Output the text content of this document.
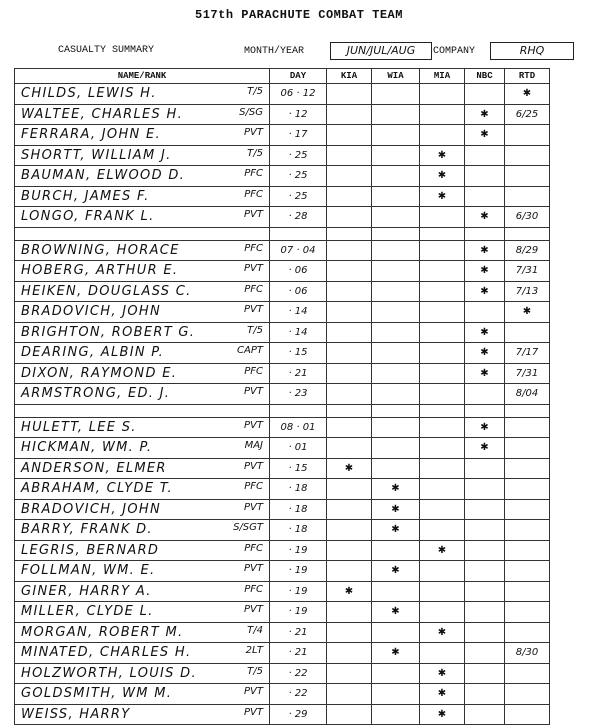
517th PARACHUTE COMBAT TEAM
CASUALTY SUMMARY	MONTH/YEAR	JUN/JUL/AUG	COMPANY	RHQ
NAME/RANK	DAY	KIA	WIA	MIA	NBC	RTD
CHILDS, LEWIS H. T/5	06 · 12					✱
WALTEE, CHARLES H. S/SG	· 12				✱	6/25
FERRARA, JOHN E. PVT	· 17				✱	
SHORTT, WILLIAM J. T/5	· 25			✱		
BAUMAN, ELWOOD D. PFC	· 25			✱		
BURCH, JAMES F. PFC	· 25			✱		
LONGO, FRANK L. PVT	· 28				✱	6/30

BROWNING, HORACE PFC	07 · 04				✱	8/29
HOBERG, ARTHUR E. PVT	· 06				✱	7/31
HEIKEN, DOUGLASS C. PFC	· 06				✱	7/13
BRADOVICH, JOHN PVT	· 14					✱
BRIGHTON, ROBERT G. T/5	· 14				✱	
DEARING, ALBIN P. CAPT	· 15				✱	7/17
DIXON, RAYMOND E. PFC	· 21				✱	7/31
ARMSTRONG, ED. J. PVT	· 23					8/04

HULETT, LEE S. PVT	08 · 01				✱	
HICKMAN, WM. P. MAJ	· 01				✱	
ANDERSON, ELMER PVT	· 15	✱				
ABRAHAM, CLYDE T. PFC	· 18		✱			
BRADOVICH, JOHN PVT	· 18		✱			
BARRY, FRANK D. S/SGT	· 18		✱			
LEGRIS, BERNARD PFC	· 19			✱		
FOLLMAN, WM. E. PVT	· 19		✱			
GINER, HARRY A. PFC	· 19	✱				
MILLER, CLYDE L. PVT	· 19		✱			
MORGAN, ROBERT M. T/4	· 21			✱		
MINATED, CHARLES H. 2LT	· 21		✱			8/30
HOLZWORTH, LOUIS D. T/5	· 22			✱		
GOLDSMITH, WM M. PVT	· 22			✱		
WEISS, HARRY PVT	· 29			✱		
